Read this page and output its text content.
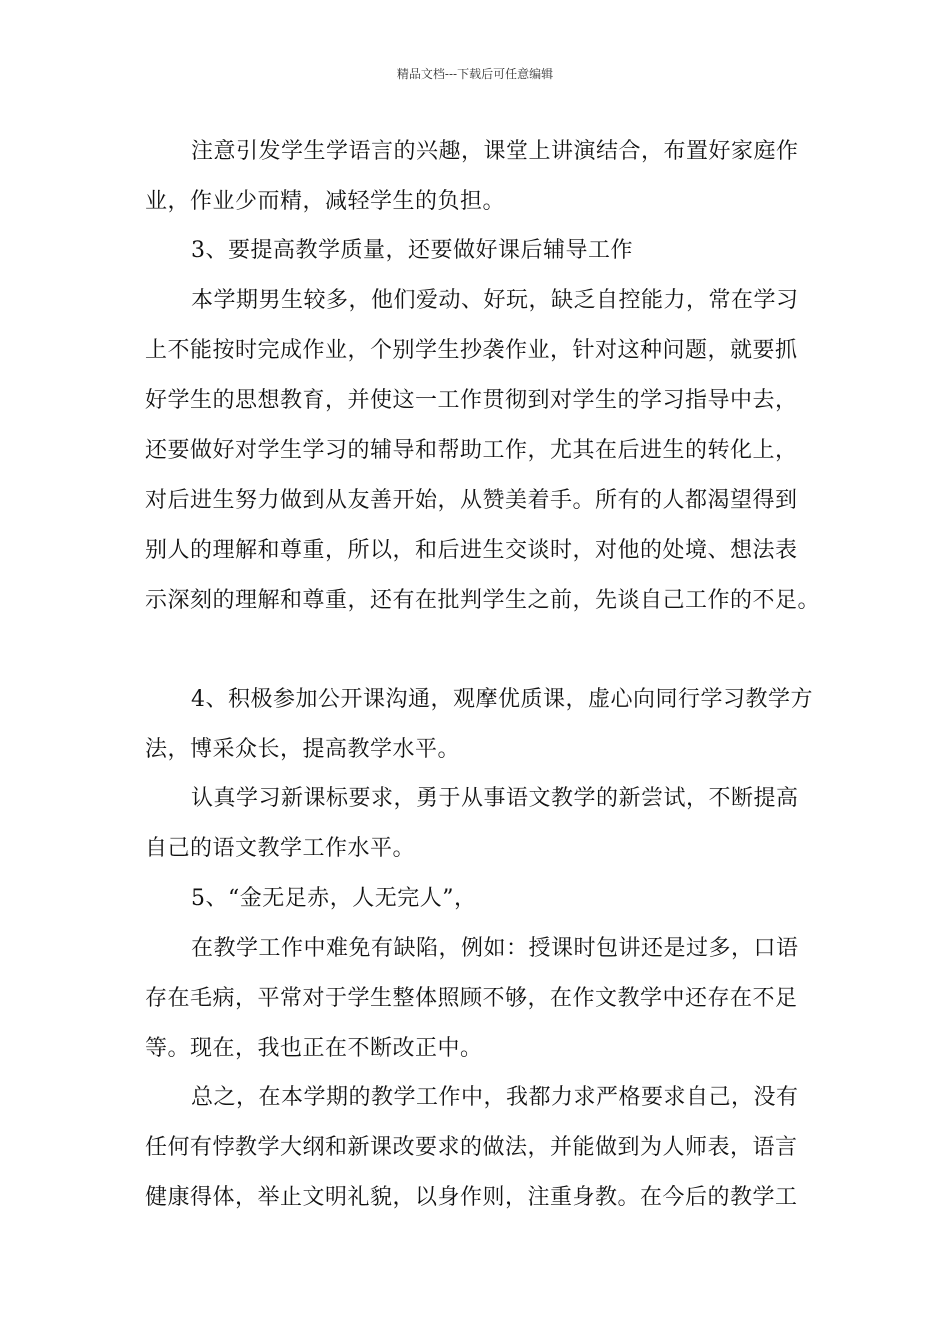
精品文档---下载后可任意编辑
注意引发学生学语言的兴趣，课堂上讲演结合，布置好家庭作
业，作业少而精，减轻学生的负担。
3、要提高教学质量，还要做好课后辅导工作
本学期男生较多，他们爱动、好玩，缺乏自控能力，常在学习
上不能按时完成作业，个别学生抄袭作业，针对这种问题，就要抓
好学生的思想教育，并使这一工作贯彻到对学生的学习指导中去，
还要做好对学生学习的辅导和帮助工作，尤其在后进生的转化上，
对后进生努力做到从友善开始，从赞美着手。所有的人都渴望得到
别人的理解和尊重，所以，和后进生交谈时，对他的处境、想法表
示深刻的理解和尊重，还有在批判学生之前，先谈自己工作的不足。
4、积极参加公开课沟通，观摩优质课，虚心向同行学习教学方
法，博采众长，提高教学水平。
认真学习新课标要求，勇于从事语文教学的新尝试，不断提高
自己的语文教学工作水平。
5、“金无足赤，人无完人”，
在教学工作中难免有缺陷，例如：授课时包讲还是过多，口语
存在毛病，平常对于学生整体照顾不够，在作文教学中还存在不足
等。现在，我也正在不断改正中。
总之，在本学期的教学工作中，我都力求严格要求自己，没有
任何有悖教学大纲和新课改要求的做法，并能做到为人师表，语言
健康得体，举止文明礼貌，以身作则，注重身教。在今后的教学工
